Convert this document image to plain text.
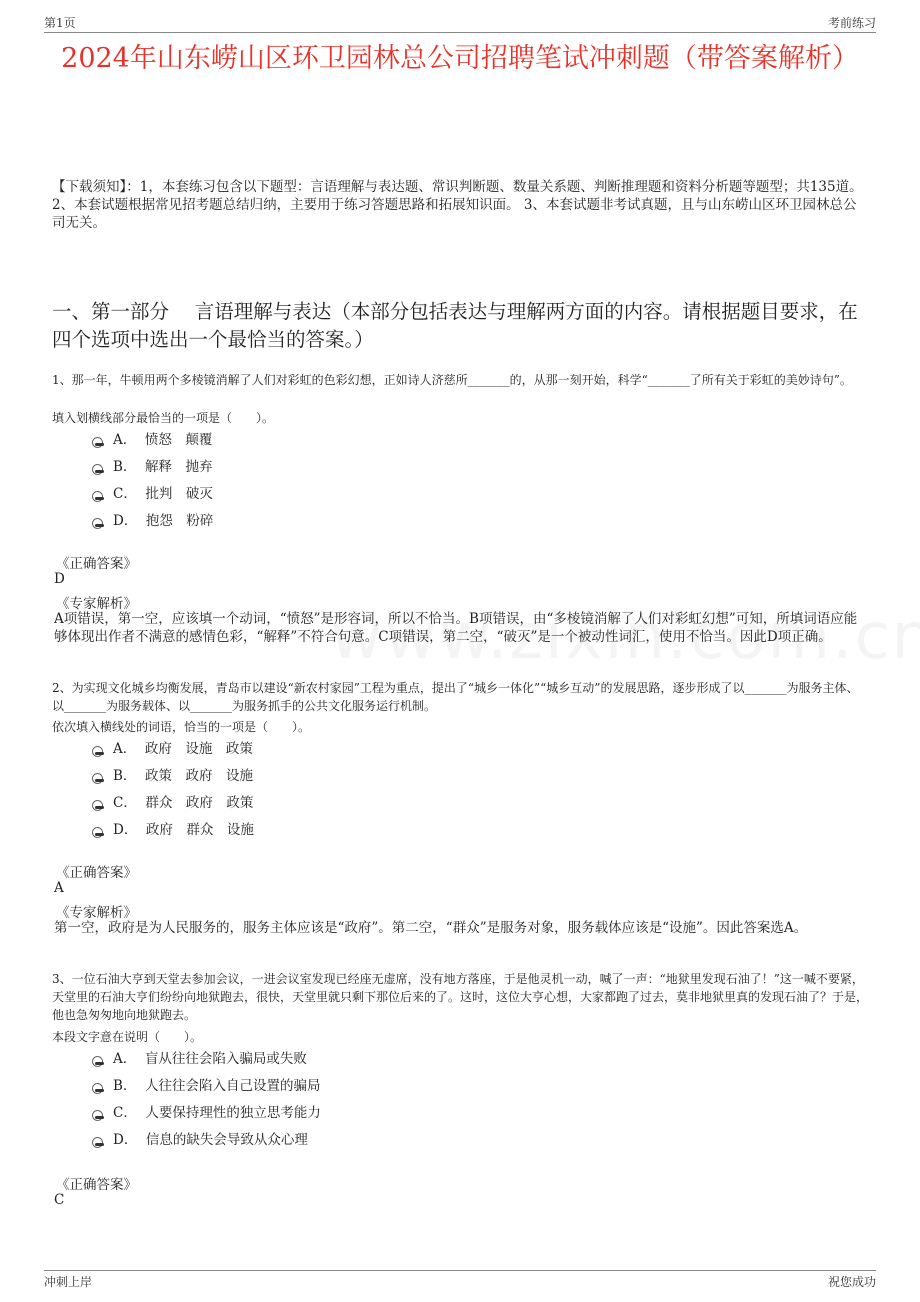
第1页	考前练习
2024年山东崂山区环卫园林总公司招聘笔试冲刺题（带答案解析）
【下载须知】：1，本套练习包含以下题型：言语理解与表达题、常识判断题、数量关系题、判断推理题和资料分析题等题型；共135道。 2、本套试题根据常见招考题总结归纳，主要用于练习答题思路和拓展知识面。 3、本套试题非考试真题，且与山东崂山区环卫园林总公司无关。
一、第一部分　 言语理解与表达（本部分包括表达与理解两方面的内容。请根据题目要求，在四个选项中选出一个最恰当的答案。）
1、那一年，牛顿用两个多棱镜消解了人们对彩虹的色彩幻想，正如诗人济慈所_______的，从那一刻开始，科学“_______了所有关于彩虹的美妙诗句”。
填入划横线部分最恰当的一项是（　　）。
A．  愤怒　颠覆
B．  解释　抛弃
C．  批判　破灭
D．  抱怨　粉碎
《正确答案》
D
《专家解析》
A项错误，第一空，应该填一个动词，“愤怒”是形容词，所以不恰当。B项错误，由“多棱镜消解了人们对彩虹幻想”可知，所填词语应能够体现出作者不满意的感情色彩，“解释”不符合句意。C项错误，第二空，“破灭”是一个被动性词汇，使用不恰当。因此D项正确。
2、为实现文化城乡均衡发展，青岛市以建设“新农村家园”工程为重点，提出了“城乡一体化”“城乡互动”的发展思路，逐步形成了以_______为服务主体、以_______为服务载体、以_______为服务抓手的公共文化服务运行机制。
依次填入横线处的词语，恰当的一项是（　　）。
A．  政府　设施　政策
B．  政策　政府　设施
C．  群众　政府　政策
D．  政府　群众　设施
《正确答案》
A
《专家解析》
第一空，政府是为人民服务的，服务主体应该是“政府”。第二空，“群众”是服务对象，服务载体应该是“设施”。因此答案选A。
3、一位石油大亨到天堂去参加会议，一进会议室发现已经座无虚席，没有地方落座，于是他灵机一动，喊了一声：“地狱里发现石油了！”这一喊不要紧，天堂里的石油大亨们纷纷向地狱跑去，很快，天堂里就只剩下那位后来的了。这时，这位大亨心想，大家都跑了过去，莫非地狱里真的发现石油了？于是，他也急匆匆地向地狱跑去。
本段文字意在说明（　　）。
A．  盲从往往会陷入骗局或失败
B．  人往往会陷入自己设置的骗局
C．  人要保持理性的独立思考能力
D．  信息的缺失会导致从众心理
《正确答案》
C
冲刺上岸	祝您成功
